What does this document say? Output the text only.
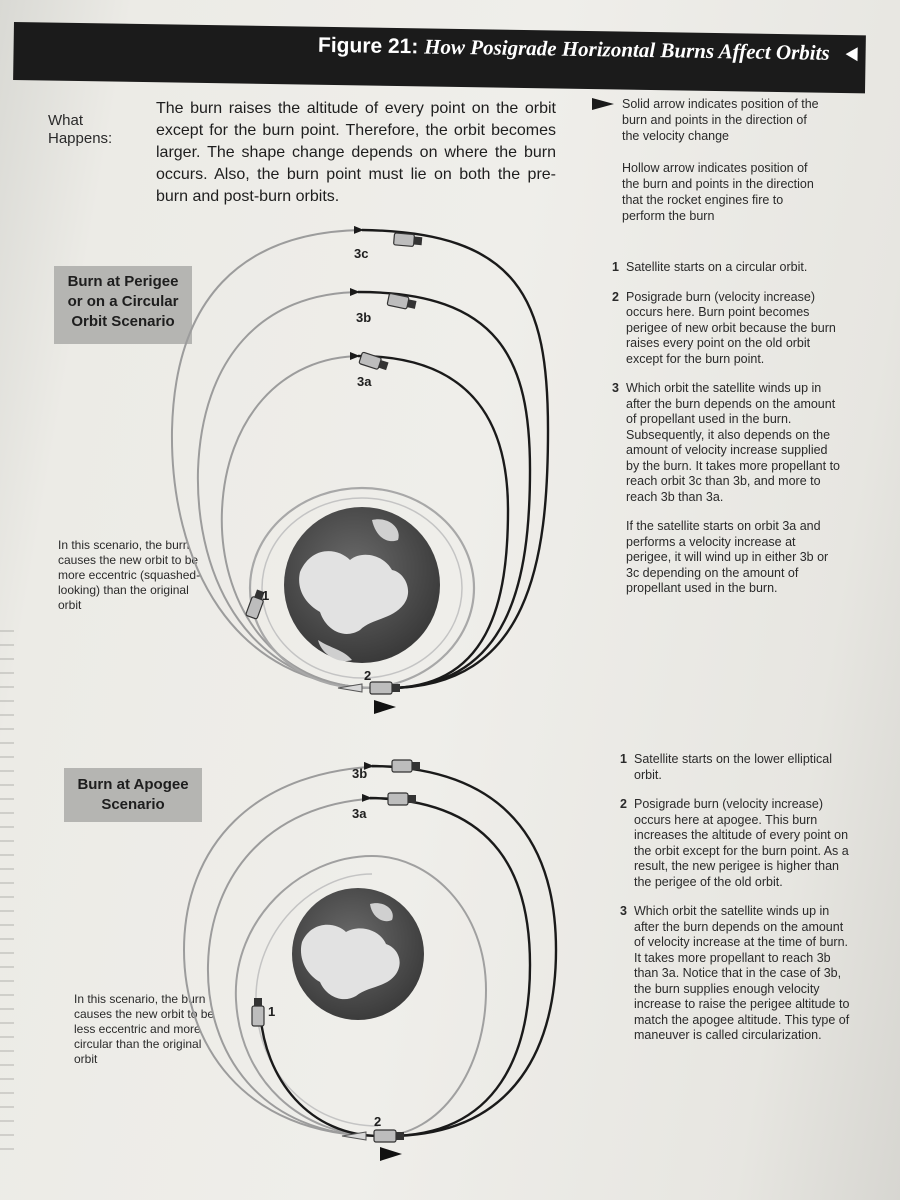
Figure 21: How Posigrade Horizontal Burns Affect Orbits
What Happens:
The burn raises the altitude of every point on the orbit except for the burn point. Therefore, the orbit becomes larger. The shape change depends on where the burn occurs. Also, the burn point must lie on both the pre-burn and post-burn orbits.
Solid arrow indicates position of the burn and points in the direction of the velocity change
Hollow arrow indicates position of the burn and points in the direction that the rocket engines fire to perform the burn
Burn at Perigee or on a Circular Orbit Scenario
In this scenario, the burn causes the new orbit to be more eccentric (squashed-looking) than the original orbit
1 Satellite starts on a circular orbit.
2 Posigrade burn (velocity increase) occurs here. Burn point becomes perigee of new orbit because the burn raises every point on the old orbit except for the burn point.
3 Which orbit the satellite winds up in after the burn depends on the amount of propellant used in the burn. Subsequently, it also depends on the amount of velocity increase supplied by the burn. It takes more propellant to reach orbit 3c than 3b, and more to reach 3b than 3a.
If the satellite starts on orbit 3a and performs a velocity increase at perigee, it will wind up in either 3b or 3c depending on the amount of propellant used in the burn.
Burn at Apogee Scenario
In this scenario, the burn causes the new orbit to be less eccentric and more circular than the original orbit
1 Satellite starts on the lower elliptical orbit.
2 Posigrade burn (velocity increase) occurs here at apogee. This burn increases the altitude of every point on the orbit except for the burn point. As a result, the new perigee is higher than the perigee of the old orbit.
3 Which orbit the satellite winds up in after the burn depends on the amount of velocity increase at the time of burn. It takes more propellant to reach 3b than 3a. Notice that in the case of 3b, the burn supplies enough velocity increase to raise the perigee altitude to match the apogee altitude. This type of maneuver is called circularization.
3c
3b
3a
1
2
3b
3a
1
2
